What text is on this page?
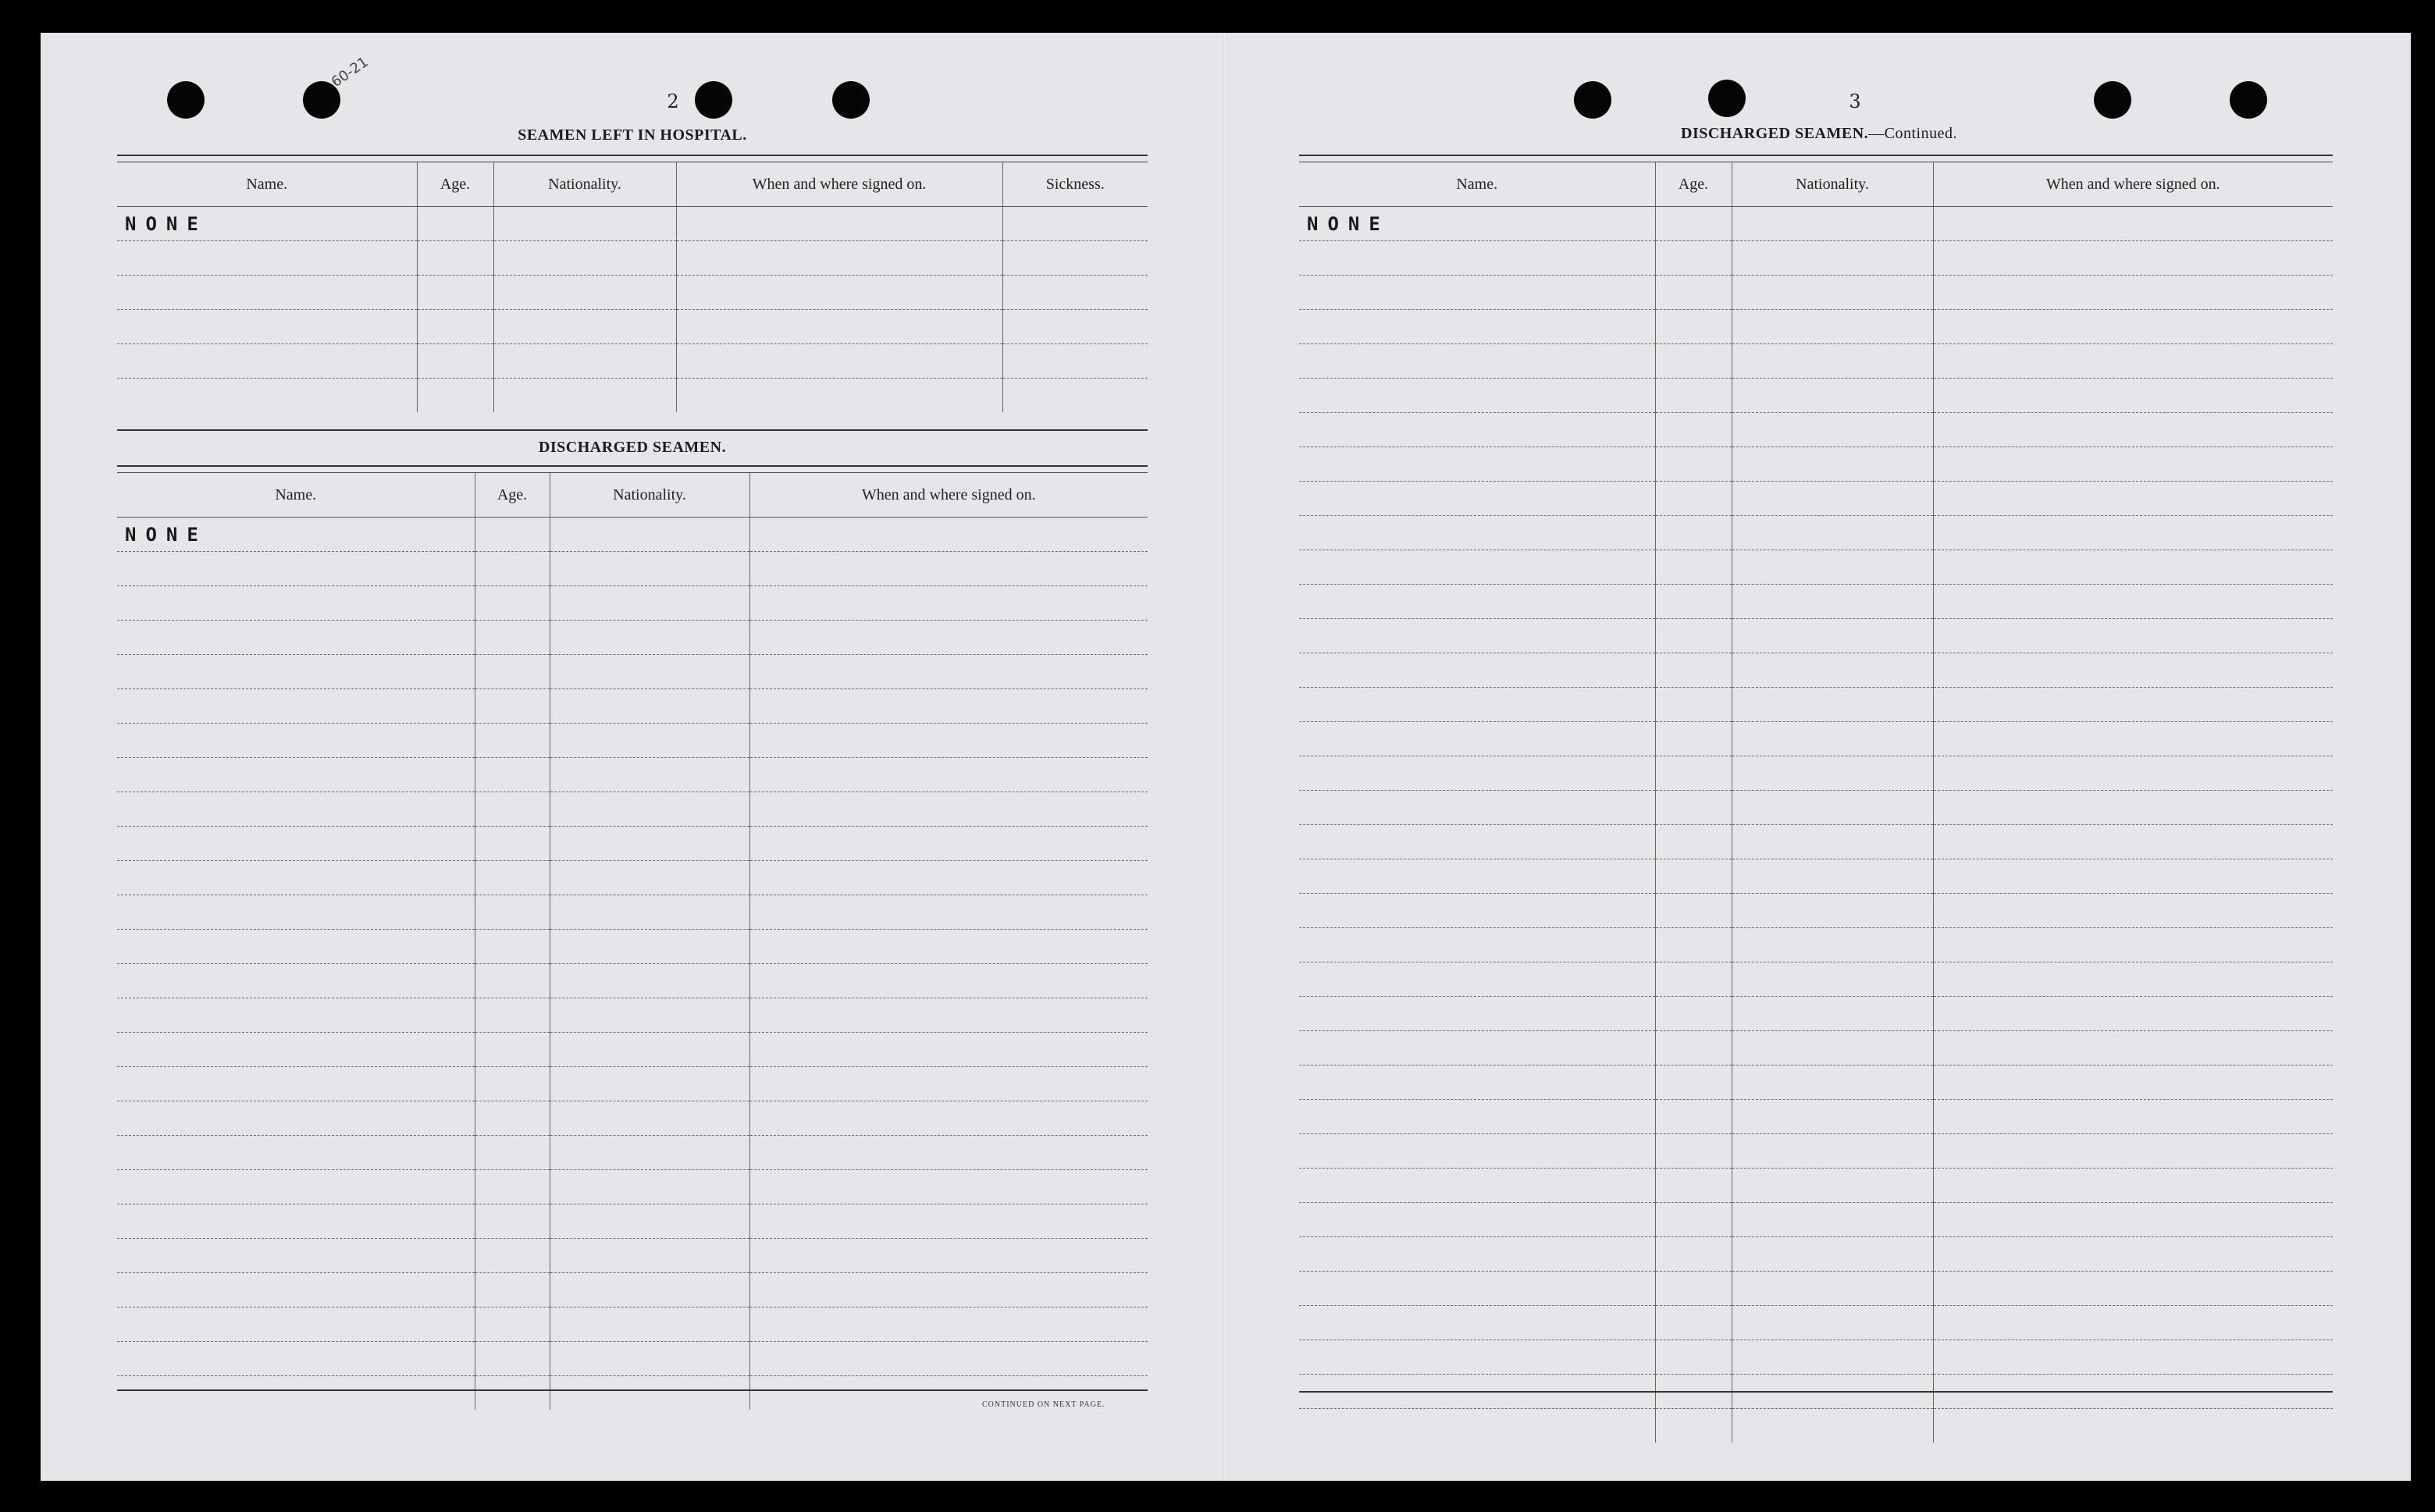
60-21
2
SEAMEN LEFT IN HOSPITAL.
Name.	Age.	Nationality.	When and where signed on.	Sickness.
NONE				

DISCHARGED SEAMEN.
Name.	Age.	Nationality.	When and where signed on.
NONE			

CONTINUED ON NEXT PAGE.
3
DISCHARGED SEAMEN.—Continued.
Name.	Age.	Nationality.	When and where signed on.
NONE			
